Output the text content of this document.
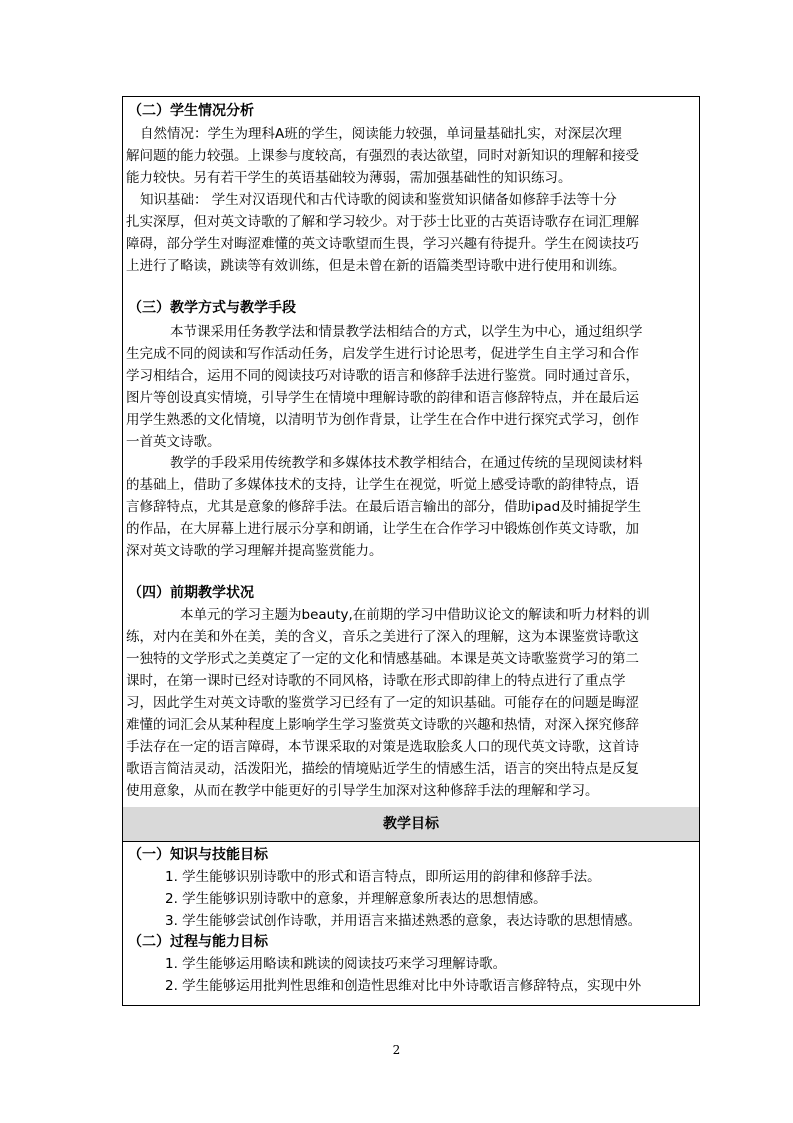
（二）学生情况分析
自然情况：学生为理科A班的学生，阅读能力较强，单词量基础扎实，对深层次理
解问题的能力较强。上课参与度较高，有强烈的表达欲望，同时对新知识的理解和接受
能力较快。另有若干学生的英语基础较为薄弱，需加强基础性的知识练习。
知识基础： 学生对汉语现代和古代诗歌的阅读和鉴赏知识储备如修辞手法等十分
扎实深厚，但对英文诗歌的了解和学习较少。对于莎士比亚的古英语诗歌存在词汇理解
障碍，部分学生对晦涩难懂的英文诗歌望而生畏，学习兴趣有待提升。学生在阅读技巧
上进行了略读，跳读等有效训练，但是未曾在新的语篇类型诗歌中进行使用和训练。
（三）教学方式与教学手段
本节课采用任务教学法和情景教学法相结合的方式，以学生为中心，通过组织学
生完成不同的阅读和写作活动任务，启发学生进行讨论思考，促进学生自主学习和合作
学习相结合，运用不同的阅读技巧对诗歌的语言和修辞手法进行鉴赏。同时通过音乐，
图片等创设真实情境，引导学生在情境中理解诗歌的韵律和语言修辞特点，并在最后运
用学生熟悉的文化情境，以清明节为创作背景，让学生在合作中进行探究式学习，创作
一首英文诗歌。
教学的手段采用传统教学和多媒体技术教学相结合，在通过传统的呈现阅读材料
的基础上，借助了多媒体技术的支持，让学生在视觉，听觉上感受诗歌的韵律特点，语
言修辞特点，尤其是意象的修辞手法。在最后语言输出的部分，借助ipad及时捕捉学生
的作品，在大屏幕上进行展示分享和朗诵，让学生在合作学习中锻炼创作英文诗歌，加
深对英文诗歌的学习理解并提高鉴赏能力。
（四）前期教学状况
本单元的学习主题为beauty,在前期的学习中借助议论文的解读和听力材料的训
练，对内在美和外在美，美的含义，音乐之美进行了深入的理解，这为本课鉴赏诗歌这
一独特的文学形式之美奠定了一定的文化和情感基础。本课是英文诗歌鉴赏学习的第二
课时，在第一课时已经对诗歌的不同风格，诗歌在形式即韵律上的特点进行了重点学
习，因此学生对英文诗歌的鉴赏学习已经有了一定的知识基础。可能存在的问题是晦涩
难懂的词汇会从某种程度上影响学生学习鉴赏英文诗歌的兴趣和热情，对深入探究修辞
手法存在一定的语言障碍，本节课采取的对策是选取脍炙人口的现代英文诗歌，这首诗
歌语言简洁灵动，活泼阳光，描绘的情境贴近学生的情感生活，语言的突出特点是反复
使用意象，从而在教学中能更好的引导学生加深对这种修辞手法的理解和学习。
教学目标
（一）知识与技能目标
1. 学生能够识别诗歌中的形式和语言特点，即所运用的韵律和修辞手法。
2. 学生能够识别诗歌中的意象，并理解意象所表达的思想情感。
3. 学生能够尝试创作诗歌，并用语言来描述熟悉的意象，表达诗歌的思想情感。
（二）过程与能力目标
1. 学生能够运用略读和跳读的阅读技巧来学习理解诗歌。
2. 学生能够运用批判性思维和创造性思维对比中外诗歌语言修辞特点，实现中外
2
